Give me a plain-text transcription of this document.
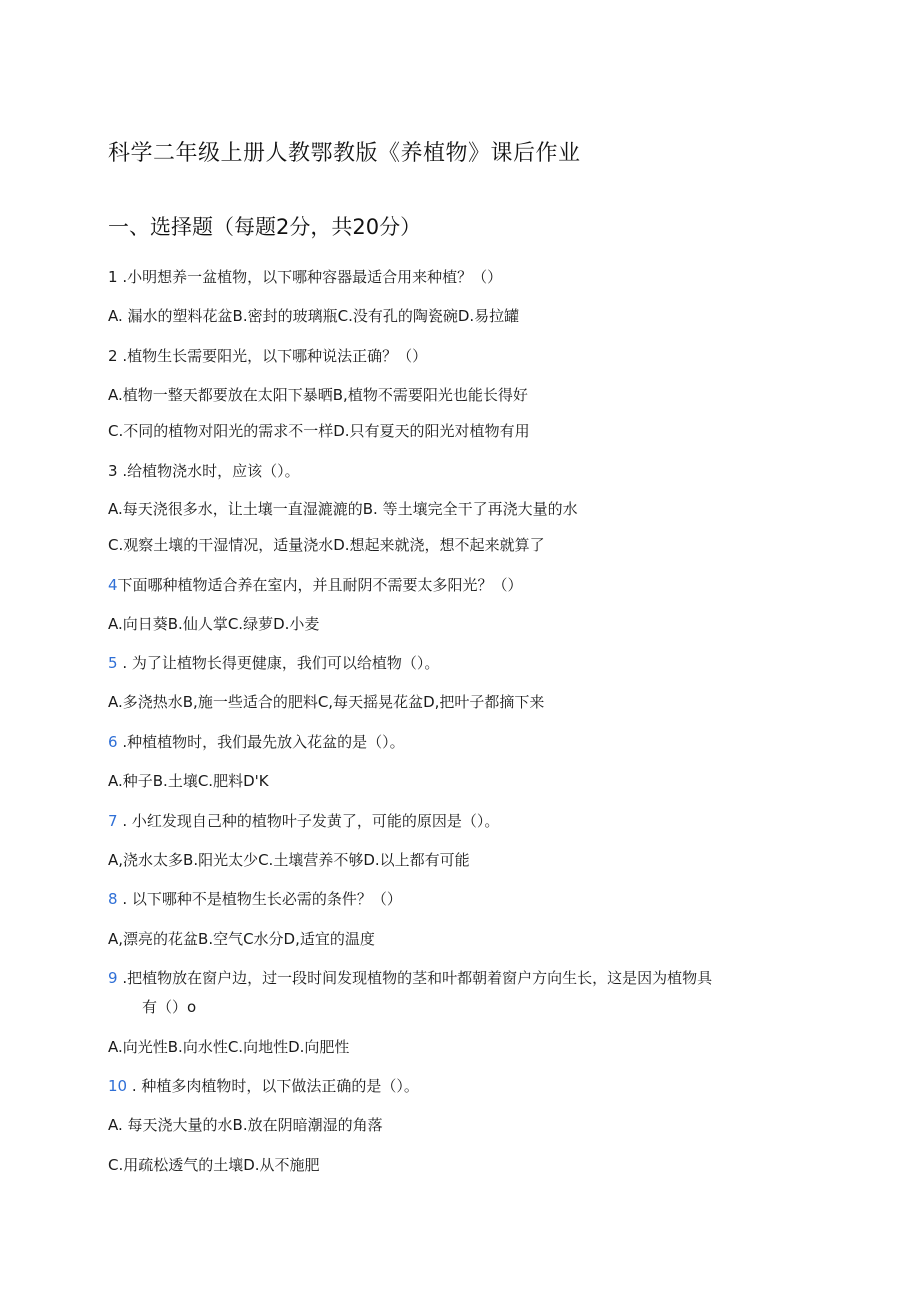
科学二年级上册人教鄂教版《养植物》课后作业
一、选择题（每题2分，共20分）
1 .小明想养一盆植物，以下哪种容器最适合用来种植？（）
A. 漏水的塑料花盆B.密封的玻璃瓶C.没有孔的陶瓷碗D.易拉罐
2 .植物生长需要阳光，以下哪种说法正确？（）
A.植物一整天都要放在太阳下暴晒B,植物不需要阳光也能长得好
C.不同的植物对阳光的需求不一样D.只有夏天的阳光对植物有用
3 .给植物浇水时，应该（）。
A.每天浇很多水，让土壤一直湿漉漉的B. 等土壤完全干了再浇大量的水
C.观察土壤的干湿情况，适量浇水D.想起来就浇，想不起来就算了
4下面哪种植物适合养在室内，并且耐阴不需要太多阳光？（）
A.向日葵B.仙人掌C.绿萝D.小麦
5 . 为了让植物长得更健康，我们可以给植物（）。
A.多浇热水B,施一些适合的肥料C,每天摇晃花盆D,把叶子都摘下来
6 .种植植物时，我们最先放入花盆的是（）。
A.种子B.土壤C.肥料D'K
7 . 小红发现自己种的植物叶子发黄了，可能的原因是（）。
A,浇水太多B.阳光太少C.土壤营养不够D.以上都有可能
8 . 以下哪种不是植物生长必需的条件？（）
A,漂亮的花盆B.空气C水分D,适宜的温度
9 .把植物放在窗户边，过一段时间发现植物的茎和叶都朝着窗户方向生长，这是因为植物具
有（）o
A.向光性B.向水性C.向地性D.向肥性
10 . 种植多肉植物时，以下做法正确的是（）。
A. 每天浇大量的水B.放在阴暗潮湿的角落
C.用疏松透气的土壤D.从不施肥
